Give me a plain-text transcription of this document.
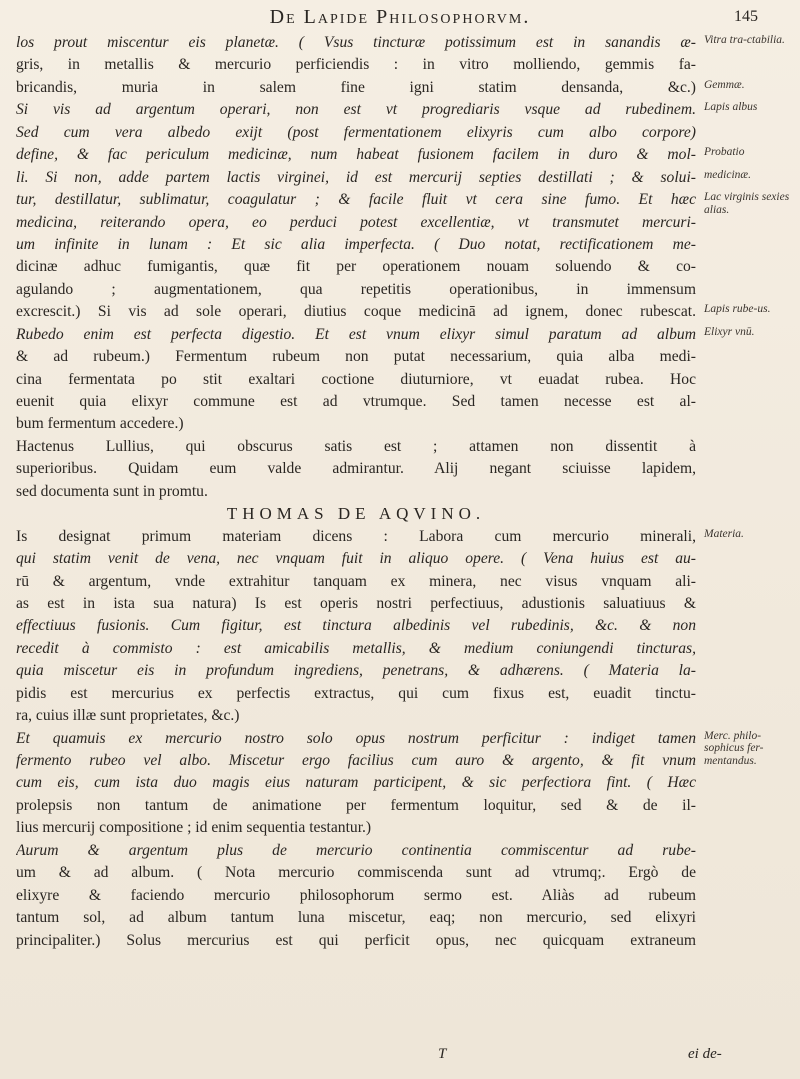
De Lapide Philosophorvm.	145
los prout miscentur eis planetæ. ( Vsus tincturæ potissimum est in sanandis æ-
gris, in metallis & mercurio perficiendis : in vitro molliendo, gemmis fa-
bricandis, muria in salem fine igni statim densanda, &c.)
Si vis ad argentum operari, non est vt progrediaris vsque ad rubedinem.
Sed cum vera albedo exijt (post fermentationem elixyris cum albo corpore)
define, & fac periculum medicinæ, num habeat fusionem facilem in duro & mol-
li. Si non, adde partem lactis virginei, id est mercurij septies destillati ; & solui-
tur, destillatur, sublimatur, coagulatur ; & facile fluit vt cera sine fumo. Et hæc
medicina, reiterando opera, eo perduci potest excellentiæ, vt transmutet mercuri-
um infinite in lunam : Et sic alia imperfecta. ( Duo notat, rectificationem me-
dicinæ adhuc fumigantis, quæ fit per operationem nouam soluendo & co-
agulando ; augmentationem, qua repetitis operationibus, in immensum
excrescit.) Si vis ad sole operari, diutius coque medicinā ad ignem, donec rubescat.
Rubedo enim est perfecta digestio. Et est vnum elixyr simul paratum ad album
& ad rubeum.) Fermentum rubeum non putat necessarium, quia alba medi-
cina fermentata po stit exaltari coctione diuturniore, vt euadat rubea. Hoc
euenit quia elixyr commune est ad vtrumque. Sed tamen necesse est al-
bum fermentum accedere.)
Hactenus Lullius, qui obscurus satis est ; attamen non dissentit à
superioribus. Quidam eum valde admirantur. Alij negant sciuisse lapidem,
sed documenta sunt in promtu.
THOMAS DE AQVINO.
Is designat primum materiam dicens : Labora cum mercurio minerali,
qui statim venit de vena, nec vnquam fuit in aliquo opere. ( Vena huius est au-
rū & argentum, vnde extrahitur tanquam ex minera, nec visus vnquam ali-
as est in ista sua natura) Is est operis nostri perfectiuus, adustionis saluatiuus &
effectiuus fusionis. Cum figitur, est tinctura albedinis vel rubedinis, &c. & non
recedit à commisto : est amicabilis metallis, & medium coniungendi tincturas,
quia miscetur eis in profundum ingrediens, penetrans, & adhærens. ( Materia la-
pidis est mercurius ex perfectis extractus, qui cum fixus est, euadit tinctu-
ra, cuius illæ sunt proprietates, &c.)
Et quamuis ex mercurio nostro solo opus nostrum perficitur : indiget tamen
fermento rubeo vel albo. Miscetur ergo facilius cum auro & argento, & fit vnum
cum eis, cum ista duo magis eius naturam participent, & sic perfectiora fint. ( Hæc
prolepsis non tantum de animatione per fermentum loquitur, sed & de il-
lius mercurij compositione ; id enim sequentia testantur.)
Aurum & argentum plus de mercurio continentia commiscentur ad rube-
um & ad album. ( Nota mercurio commiscenda sunt ad vtrumq;. Ergò de
elixyre & faciendo mercurio philosophorum sermo est. Aliàs ad rubeum
tantum sol, ad album tantum luna miscetur, eaq; non mercurio, sed elixyri
principaliter.) Solus mercurius est qui perficit opus, nec quicquam extraneum
Vitra tra-ctabilia.
Gemmæ.
Lapis albus
Probatio
medicinæ.
Lac virginis sexies alias.
Lapis rube-us.
Elixyr vnū.
Materia.
Merc. philo-sophicus fer-mentandus.
T	ei de-
